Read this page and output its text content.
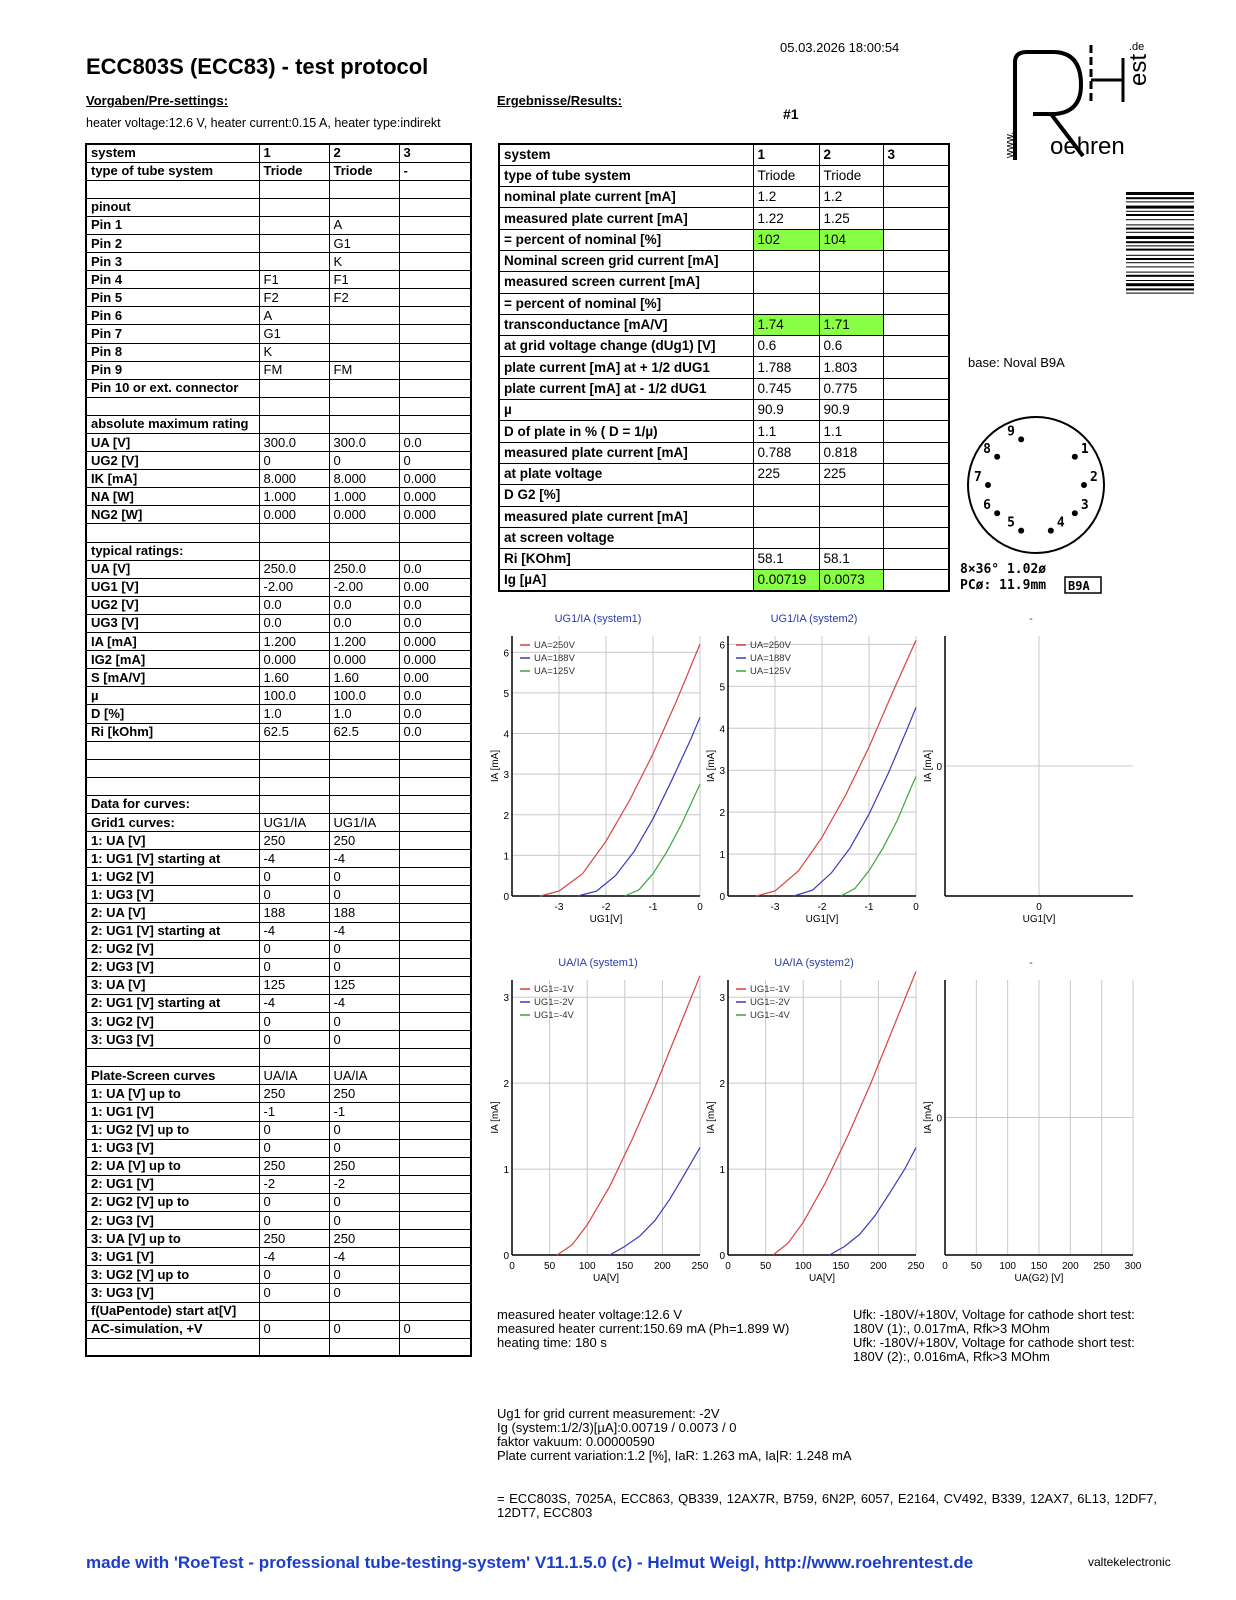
ECC803S (ECC83) - test protocol
05.03.2026 18:00:54
Vorgaben/Pre-settings:
heater voltage:12.6 V, heater current:0.15 A, heater type:indirekt
Ergebnisse/Results:
#1
www.
.de
est
oehren
base: Noval B9A
1
2
3
4
5
6
7
8
9
8×36° 1.02ø
PCø: 11.9mm B9A
system	1	2	3
type of tube system	Triode	Triode	-

pinout			
Pin 1		A	
Pin 2		G1	
Pin 3		K	
Pin 4	F1	F1	
Pin 5	F2	F2	
Pin 6	A		
Pin 7	G1		
Pin 8	K		
Pin 9	FM	FM	
Pin 10 or ext. connector			

absolute maximum rating			
UA [V]	300.0	300.0	0.0
UG2 [V]	0	0	0
IK [mA]	8.000	8.000	0.000
NA [W]	1.000	1.000	0.000
NG2 [W]	0.000	0.000	0.000

typical ratings:			
UA [V]	250.0	250.0	0.0
UG1 [V]	-2.00	-2.00	0.00
UG2 [V]	0.0	0.0	0.0
UG3 [V]	0.0	0.0	0.0
IA [mA]	1.200	1.200	0.000
IG2 [mA]	0.000	0.000	0.000
S [mA/V]	1.60	1.60	0.00
µ	100.0	100.0	0.0
D [%]	1.0	1.0	0.0
Ri [kOhm]	62.5	62.5	0.0

Data for curves:			
Grid1 curves:	UG1/IA	UG1/IA	
1: UA [V]	250	250	
1: UG1 [V] starting at	-4	-4	
1: UG2 [V]	0	0	
1: UG3 [V]	0	0	
2: UA [V]	188	188	
2: UG1 [V] starting at	-4	-4	
2: UG2 [V]	0	0	
2: UG3 [V]	0	0	
3: UA [V]	125	125	
2: UG1 [V] starting at	-4	-4	
3: UG2 [V]	0	0	
3: UG3 [V]	0	0	

Plate-Screen curves	UA/IA	UA/IA	
1: UA [V] up to	250	250	
1: UG1 [V]	-1	-1	
1: UG2 [V] up to	0	0	
1: UG3 [V]	0	0	
2: UA [V] up to	250	250	
2: UG1 [V]	-2	-2	
2: UG2 [V] up to	0	0	
2: UG3 [V]	0	0	
3: UA [V] up to	250	250	
3: UG1 [V]	-4	-4	
3: UG2 [V] up to	0	0	
3: UG3 [V]	0	0	
f(UaPentode) start at[V]			
AC-simulation, +V	0	0	0

system	1	2	3
type of tube system	Triode	Triode	
nominal plate current [mA]	1.2	1.2	
measured plate current [mA]	1.22	1.25	
= percent of nominal [%]	102	104	
Nominal screen grid current [mA]			
measured screen current [mA]			
= percent of nominal [%]			
transconductance [mA/V]	1.74	1.71	
at grid voltage change (dUg1) [V]	0.6	0.6	
plate current [mA] at + 1/2 dUG1	1.788	1.803	
plate current [mA] at - 1/2 dUG1	0.745	0.775	
µ	90.9	90.9	
D of plate in % ( D = 1/µ)	1.1	1.1	
measured plate current [mA]	0.788	0.818	
at plate voltage	225	225	
D G2 [%]			
measured plate current [mA]			
at screen voltage			
Ri [KOhm]	58.1	58.1	
Ig [µA]	0.00719	0.0073	
UG1/IA (system1)
-3	-2	-1	0
0
1
2
3
4
5
6
UG1[V]
IA [mA]
UA=250V
UA=188V
UA=125V
UG1/IA (system2)
-3	-2	-1	0
0
1
2
3
4
5
6
UG1[V]
IA [mA]
UA=250V
UA=188V
UA=125V
-
0
0
UG1[V]
IA [mA]
UA/IA (system1)
0	50 100 150 200 250
0
1
2
3
UA[V]
IA [mA]
UG1=-1V
UG1=-2V
UG1=-4V
UA/IA (system2)
0	50 100 150 200 250
0
1
2
3
UA[V]
IA [mA]
UG1=-1V
UG1=-2V
UG1=-4V
-
0 50 100 150 200 250 300
0
UA(G2) [V]
IA [mA]
measured heater voltage:12.6 V
measured heater current:150.69 mA (Ph=1.899 W)
heating time: 180 s
Ufk: -180V/+180V, Voltage for cathode short test:
180V (1):, 0.017mA, Rfk>3 MOhm
Ufk: -180V/+180V, Voltage for cathode short test:
180V (2):, 0.016mA, Rfk>3 MOhm
Ug1 for grid current measurement: -2V
Ig (system:1/2/3)[µA]:0.00719 / 0.0073 / 0
faktor vakuum: 0.00000590
Plate current variation:1.2 [%], IaR: 1.263 mA, Ia|R: 1.248 mA
= ECC803S, 7025A, ECC863, QB339, 12AX7R, B759, 6N2P, 6057, E2164, CV492, B339, 12AX7, 6L13, 12DF7, 12DT7, ECC803
made with 'RoeTest - professional tube-testing-system' V11.1.5.0 (c) - Helmut Weigl, http://www.roehrentest.de	valtekelectronic
